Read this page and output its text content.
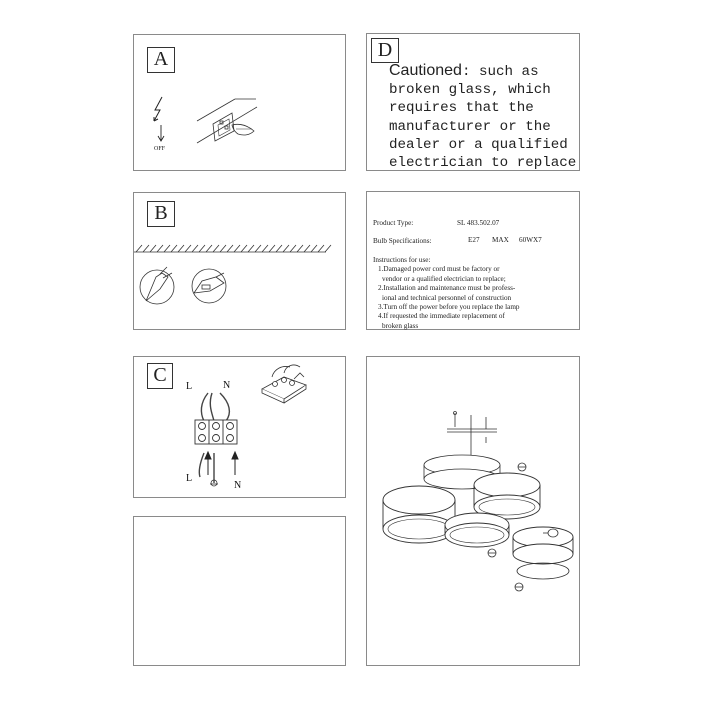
A
OFF
D
Cautioned: such as
broken glass, which
requires that the
manufacturer or the
dealer or a qualified
electrician to replace
B	Product Type:	SL 483.502.07
Bulb Specifications:	E27 MAX 60WX7
Instructions for use:
1.Damaged power cord must be factory or
vendor or a qualified electrician to replace;
2.Installation and maintenance must be profess-
ional and technical personnel of construction
3.Turn off the power before you replace the lamp
4.If requested the immediate replacement of
broken glass
C
L	N
L
N
